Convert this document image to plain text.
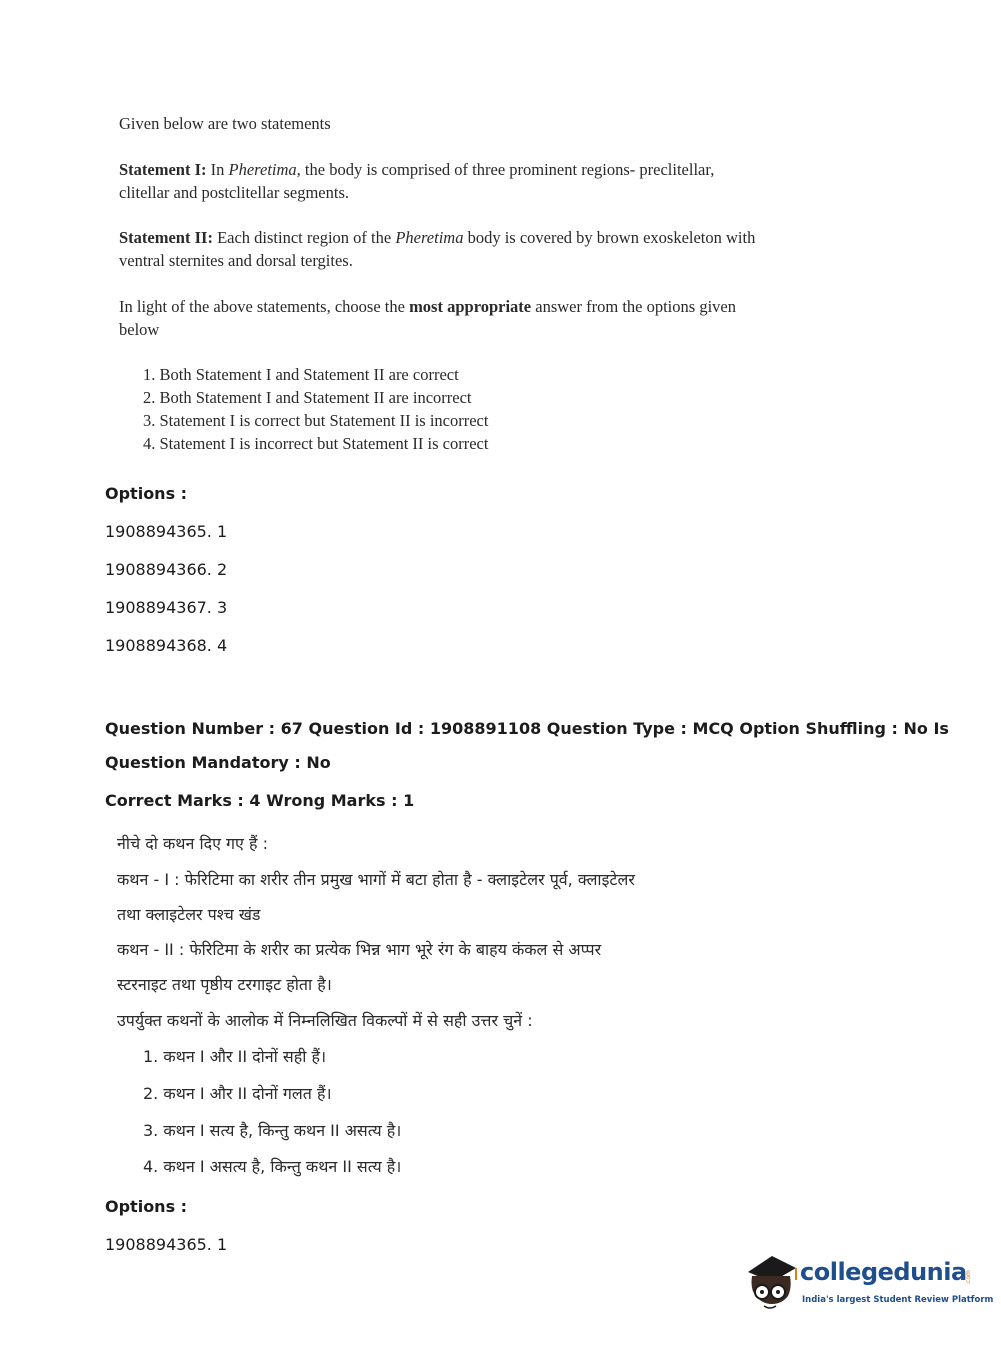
Given below are two statements
Statement I: In Pheretima, the body is comprised of three prominent regions- preclitellar,
clitellar and postclitellar segments.
Statement II: Each distinct region of the Pheretima body is covered by brown exoskeleton with
ventral sternites and dorsal tergites.
In light of the above statements, choose the most appropriate answer from the options given
below
1. Both Statement I and Statement II are correct
2. Both Statement I and Statement II are incorrect
3. Statement I is correct but Statement II is incorrect
4. Statement I is incorrect but Statement II is correct
Options :
1908894365. 1
1908894366. 2
1908894367. 3
1908894368. 4
Question Number : 67 Question Id : 1908891108 Question Type : MCQ Option Shuffling : No Is
Question Mandatory : No
Correct Marks : 4 Wrong Marks : 1
नीचे दो कथन दिए गए हैं :
कथन - I : फेरिटिमा का शरीर तीन प्रमुख भागों में बटा होता है - क्लाइटेलर पूर्व, क्लाइटेलर
तथा क्लाइटेलर पश्च खंड
कथन - II : फेरिटिमा के शरीर का प्रत्येक भिन्न भाग भूरे रंग के बाहय कंकल से अप्पर
स्टरनाइट तथा पृष्ठीय टरगाइट होता है।
उपर्युक्त कथनों के आलोक में निम्नलिखित विकल्पों में से सही उत्तर चुनें :
1. कथन I और II दोनों सही हैं।
2. कथन I और II दोनों गलत हैं।
3. कथन I सत्य है, किन्तु कथन II असत्य है।
4. कथन I असत्य है, किन्तु कथन II सत्य है।
Options :
1908894365. 1
collegedunia
.com
India's largest Student Review Platform
